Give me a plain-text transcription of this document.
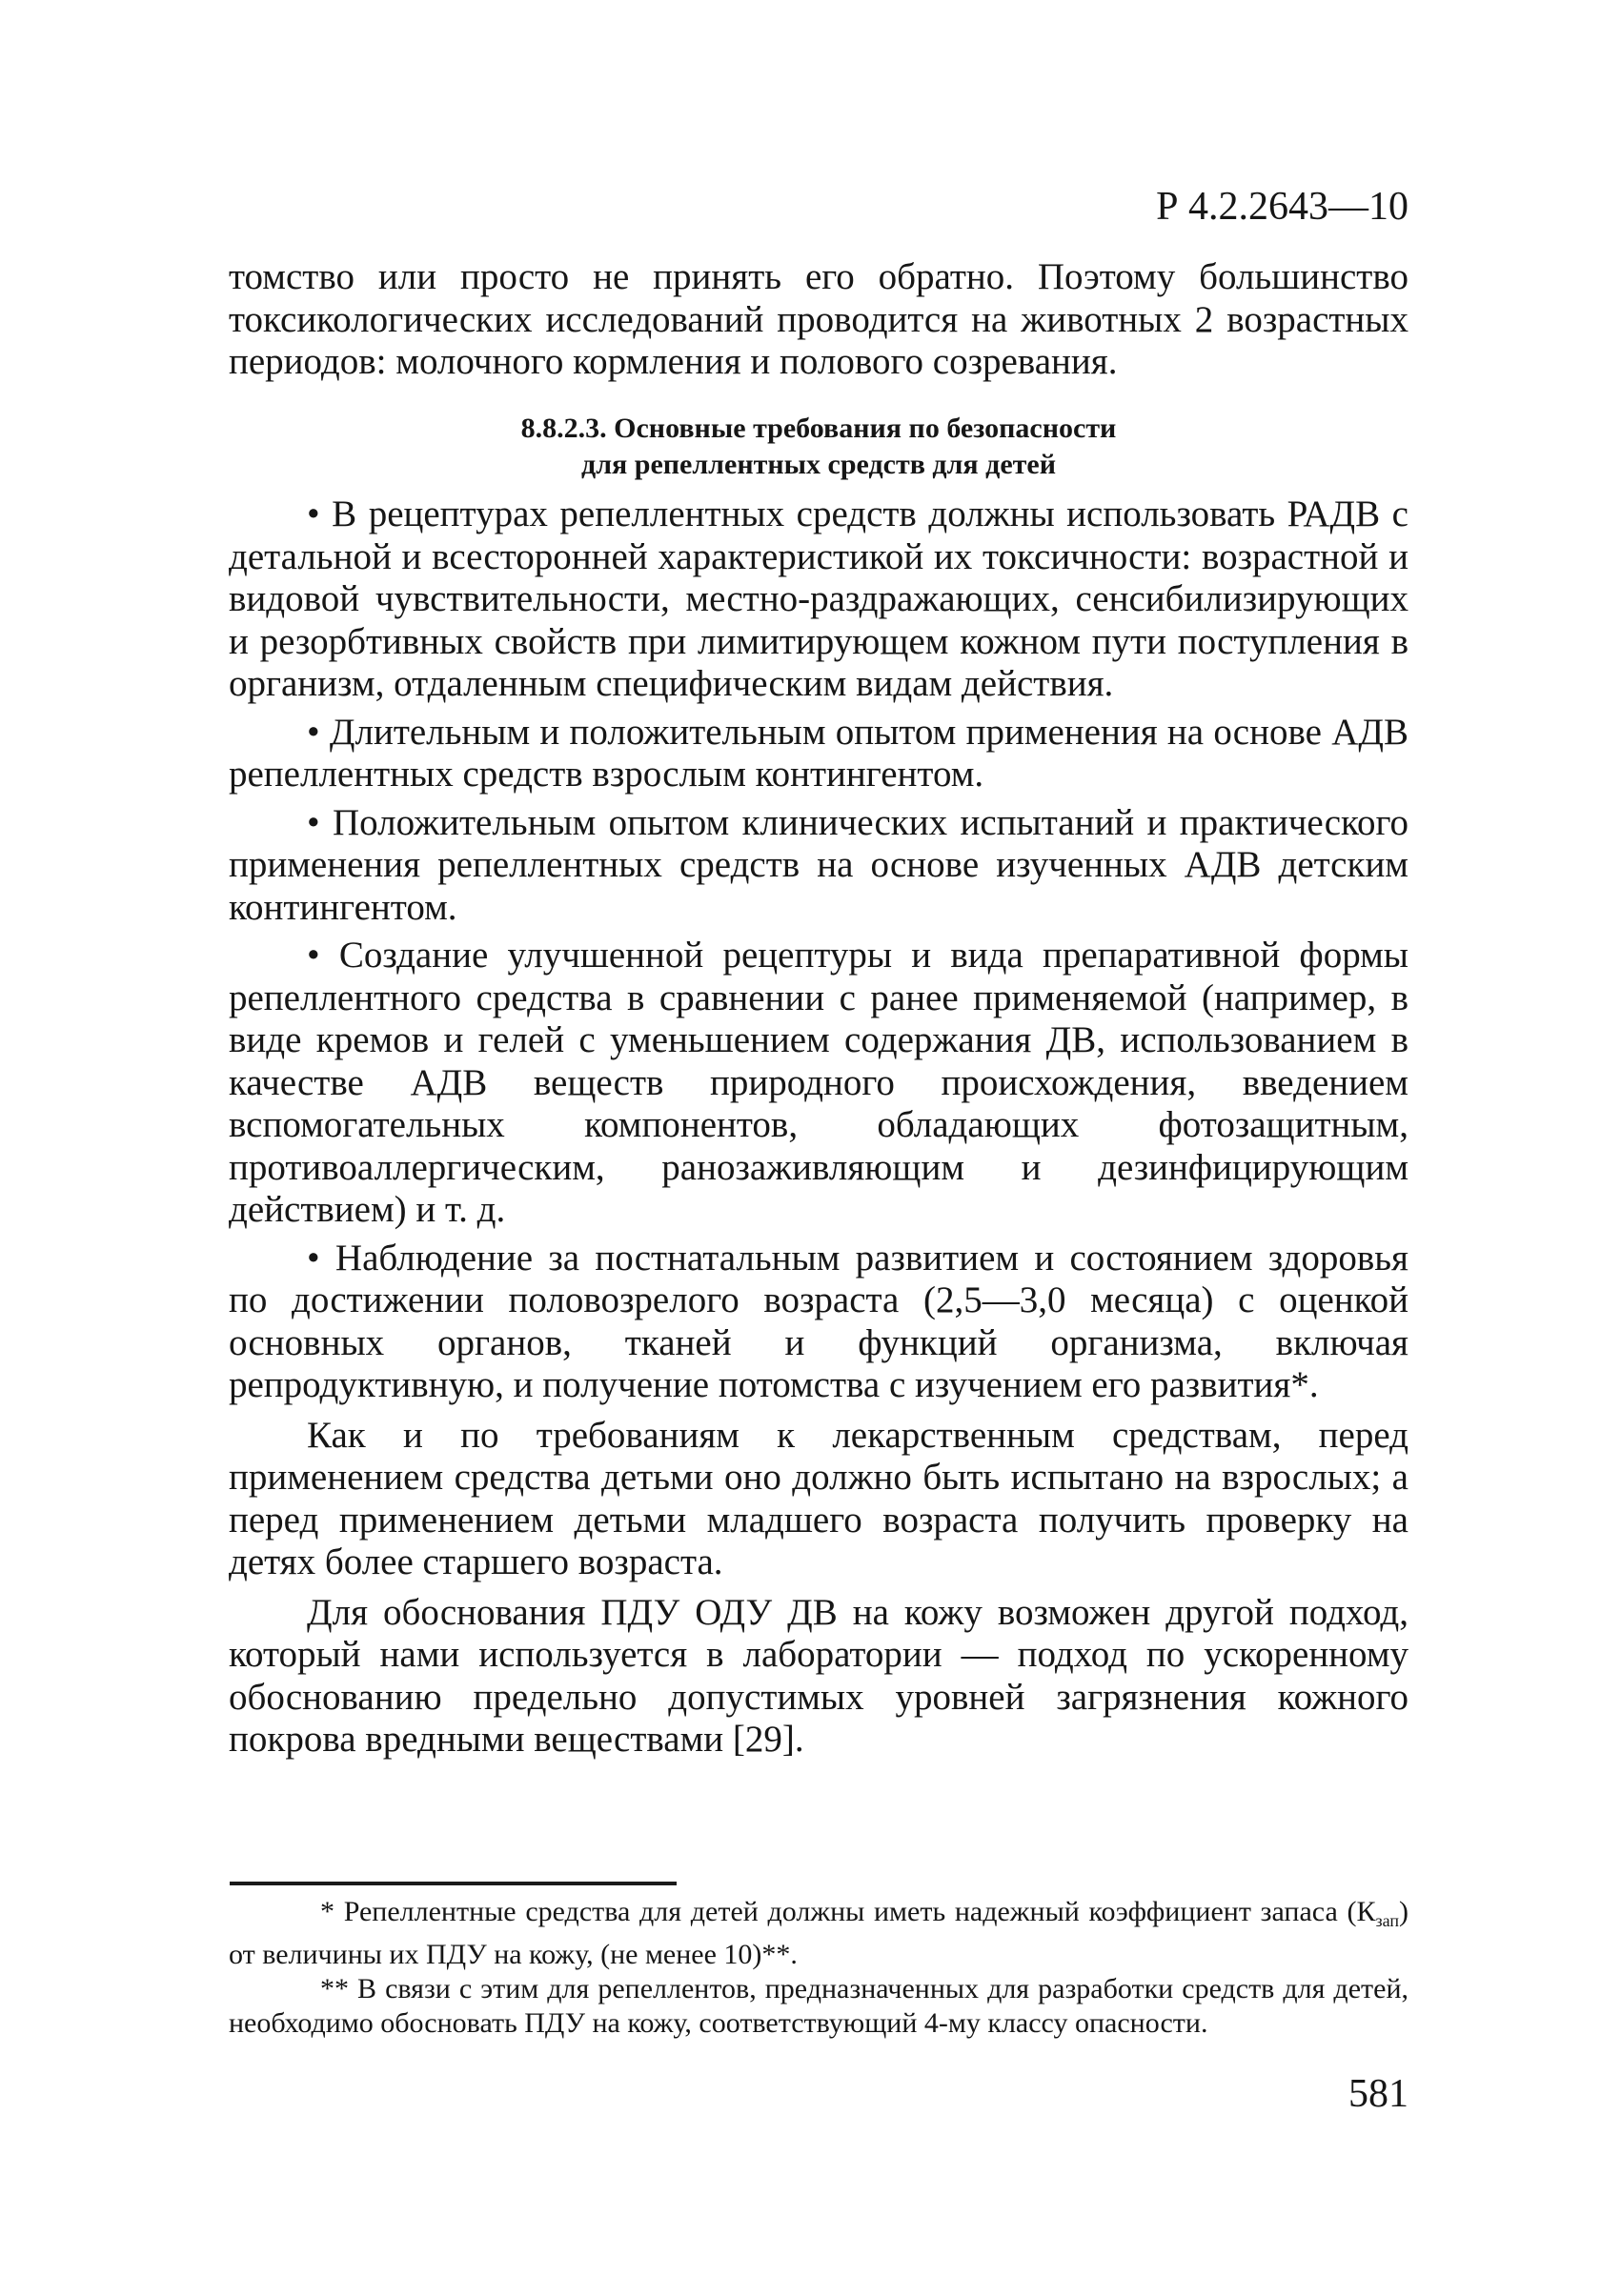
Р 4.2.2643—10

томство или просто не принять его обратно. Поэтому большинство токсикологических исследований проводится на животных 2 возрастных периодов: молочного кормления и полового созревания.

8.8.2.3. Основные требования по безопасности
для репеллентных средств для детей

• В рецептурах репеллентных средств должны использовать РАДВ с детальной и всесторонней характеристикой их токсичности: возрастной и видовой чувствительности, местно-раздражающих, сенсибилизирующих и резорбтивных свойств при лимитирующем кожном пути поступления в организм, отдаленным специфическим видам действия.

• Длительным и положительным опытом применения на основе АДВ репеллентных средств взрослым контингентом.

• Положительным опытом клинических испытаний и практического применения репеллентных средств на основе изученных АДВ детским контингентом.

• Создание улучшенной рецептуры и вида препаративной формы репеллентного средства в сравнении с ранее применяемой (например, в виде кремов и гелей с уменьшением содержания ДВ, использованием в качестве АДВ веществ природного происхождения, введением вспомогательных компонентов, обладающих фотозащитным, противоаллергическим, ранозаживляющим и дезинфицирующим действием) и т. д.

• Наблюдение за постнатальным развитием и состоянием здоровья по достижении половозрелого возраста (2,5—3,0 месяца) с оценкой основных органов, тканей и функций организма, включая репродуктивную, и получение потомства с изучением его развития*.

Как и по требованиям к лекарственным средствам, перед применением средства детьми оно должно быть испытано на взрослых; а перед применением детьми младшего возраста получить проверку на детях более старшего возраста.

Для обоснования ПДУ ОДУ ДВ на кожу возможен другой подход, который нами используется в лаборатории — подход по ускоренному обоснованию предельно допустимых уровней загрязнения кожного покрова вредными веществами [29].

* Репеллентные средства для детей должны иметь надежный коэффициент запаса $(К_{зап})$ от величины их ПДУ на кожу, (не менее 10)**.

** В связи с этим для репеллентов, предназначенных для разработки средств для детей, необходимо обосновать ПДУ на кожу, соответствующий 4-му классу опасности.

581
